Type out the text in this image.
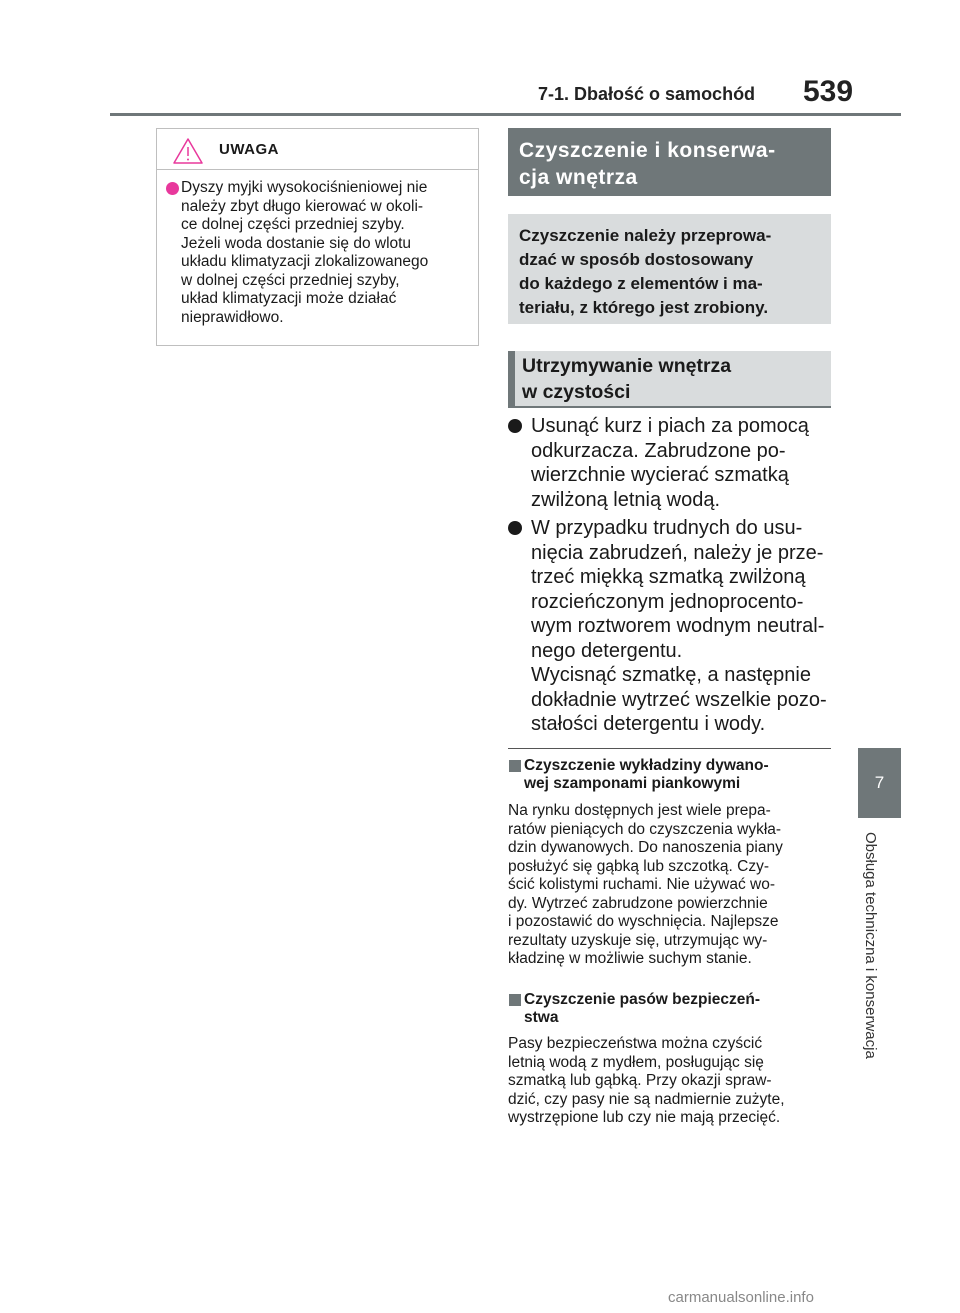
7-1. Dbałość o samochód 539
UWAGA
Dyszy myjki wysokociśnieniowej nie
należy zbyt długo kierować w okoli-
ce dolnej części przedniej szyby.
Jeżeli woda dostanie się do wlotu
układu klimatyzacji zlokalizowanego
w dolnej części przedniej szyby,
układ klimatyzacji może działać
nieprawidłowo.
Czyszczenie i konserwa-
cja wnętrza
Czyszczenie należy przeprowa-
dzać w sposób dostosowany
do każdego z elementów i ma-
teriału, z którego jest zrobiony.
Utrzymywanie wnętrza
w czystości
Usunąć kurz i piach za pomocą
odkurzacza. Zabrudzone po-
wierzchnie wycierać szmatką
zwilżoną letnią wodą.
W przypadku trudnych do usu-
nięcia zabrudzeń, należy je prze-
trzeć miękką szmatką zwilżoną
rozcieńczonym jednoprocento-
wym roztworem wodnym neutral-
nego detergentu.
Wycisnąć szmatkę, a następnie
dokładnie wytrzeć wszelkie pozo-
stałości detergentu i wody.
Czyszczenie wykładziny dywano-
wej szamponami piankowymi
Na rynku dostępnych jest wiele prepa-
ratów pieniących do czyszczenia wykła-
dzin dywanowych. Do nanoszenia piany
posłużyć się gąbką lub szczotką. Czy-
ścić kolistymi ruchami. Nie używać wo-
dy. Wytrzeć zabrudzone powierzchnie
i pozostawić do wyschnięcia. Najlepsze
rezultaty uzyskuje się, utrzymując wy-
kładzinę w możliwie suchym stanie.
Czyszczenie pasów bezpieczeń-
stwa
Pasy bezpieczeństwa można czyścić
letnią wodą z mydłem, posługując się
szmatką lub gąbką. Przy okazji spraw-
dzić, czy pasy nie są nadmiernie zużyte,
wystrzępione lub czy nie mają przecięć.
7
Obsługa techniczna i konserwacja
carmanualsonline.info
